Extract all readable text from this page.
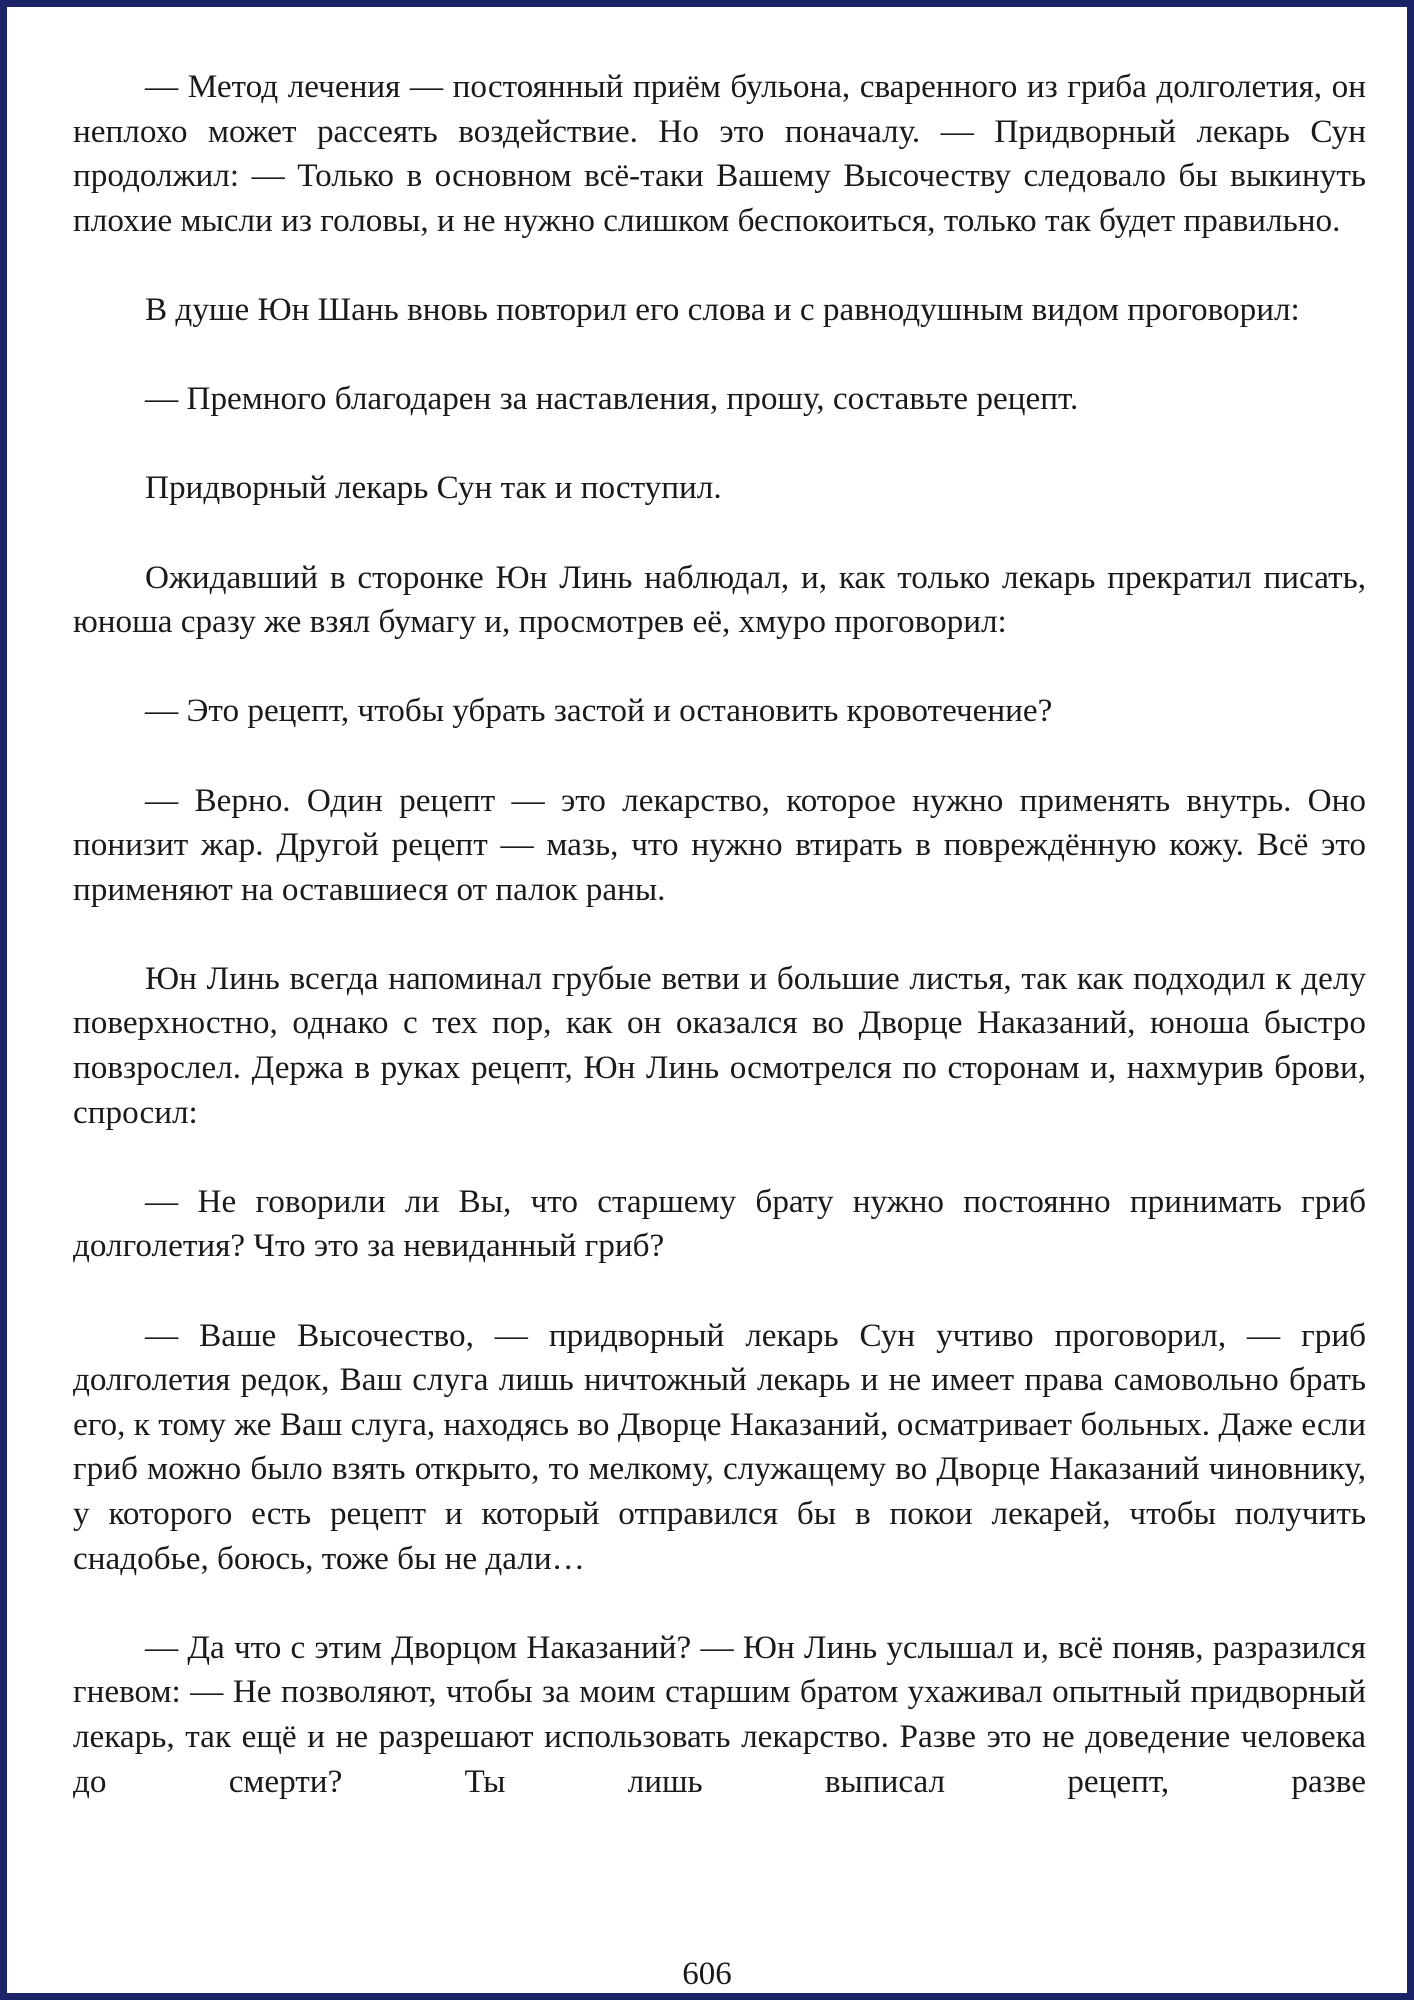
— Метод лечения — постоянный приём бульона, сваренного из гриба долголетия, он неплохо может рассеять воздействие. Но это поначалу. — Придворный лекарь Сун продолжил: — Только в основном всё-таки Вашему Высочеству следовало бы выкинуть плохие мысли из головы, и не нужно слишком беспокоиться, только так будет правильно.

В душе Юн Шань вновь повторил его слова и с равнодушным видом проговорил:

— Премного благодарен за наставления, прошу, составьте рецепт.

Придворный лекарь Сун так и поступил.

Ожидавший в сторонке Юн Линь наблюдал, и, как только лекарь прекратил писать, юноша сразу же взял бумагу и, просмотрев её, хмуро проговорил:

— Это рецепт, чтобы убрать застой и остановить кровотечение?

— Верно. Один рецепт — это лекарство, которое нужно применять внутрь. Оно понизит жар. Другой рецепт — мазь, что нужно втирать в повреждённую кожу. Всё это применяют на оставшиеся от палок раны.

Юн Линь всегда напоминал грубые ветви и большие листья, так как подходил к делу поверхностно, однако с тех пор, как он оказался во Дворце Наказаний, юноша быстро повзрослел. Держа в руках рецепт, Юн Линь осмотрелся по сторонам и, нахмурив брови, спросил:

— Не говорили ли Вы, что старшему брату нужно постоянно принимать гриб долголетия? Что это за невиданный гриб?

— Ваше Высочество, — придворный лекарь Сун учтиво проговорил, — гриб долголетия редок, Ваш слуга лишь ничтожный лекарь и не имеет права самовольно брать его, к тому же Ваш слуга, находясь во Дворце Наказаний, осматривает больных. Даже если гриб можно было взять открыто, то мелкому, служащему во Дворце Наказаний чиновнику, у которого есть рецепт и который отправился бы в покои лекарей, чтобы получить снадобье, боюсь, тоже бы не дали…

— Да что с этим Дворцом Наказаний? — Юн Линь услышал и, всё поняв, разразился гневом: — Не позволяют, чтобы за моим старшим братом ухаживал опытный придворный лекарь, так ещё и не разрешают использовать лекарство. Разве это не доведение человека до смерти? Ты лишь выписал рецепт, разве

606
